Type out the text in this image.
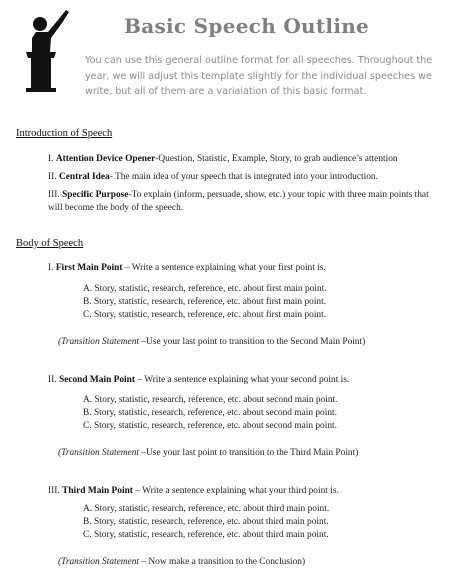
Basic Speech Outline
You can use this general outline format for all speeches. Throughout the year, we will adjust this template slightly for the individual speeches we write, but all of them are a variaiation of this basic format.
Introduction of Speech
I. Attention Device Opener-Question, Statistic, Example, Story, to grab audience’s attention
II. Central Idea- The main idea of your speech that is integrated into your introduction.
III. Specific Purpose-To explain (inform, persuade, show, etc.) your topic with three main points that will become the body of the speech.
Body of Speech
I. First Main Point – Write a sentence explaining what your first point is.
A. Story, statistic, research, reference, etc. about first main point.
B. Story, statistic, research, reference, etc. about first main point.
C. Story, statistic, research, reference, etc. about first main point.
(Transition Statement –Use your last point to transition to the Second Main Point)
II. Second Main Point – Write a sentence explaining what your second point is.
A. Story, statistic, research, reference, etc. about second main point.
B. Story, statistic, research, reference, etc. about second main point.
C. Story, statistic, research, reference, etc. about second main point.
(Transition Statement –Use your last point to transition to the Third Main Point)
III. Third Main Point – Write a sentence explaining what your third point is.
A. Story, statistic, research, reference, etc. about third main point.
B. Story, statistic, research, reference, etc. about third main point.
C. Story, statistic, research, reference, etc. about third main point.
(Transition Statement – Now make a transition to the Conclusion)
